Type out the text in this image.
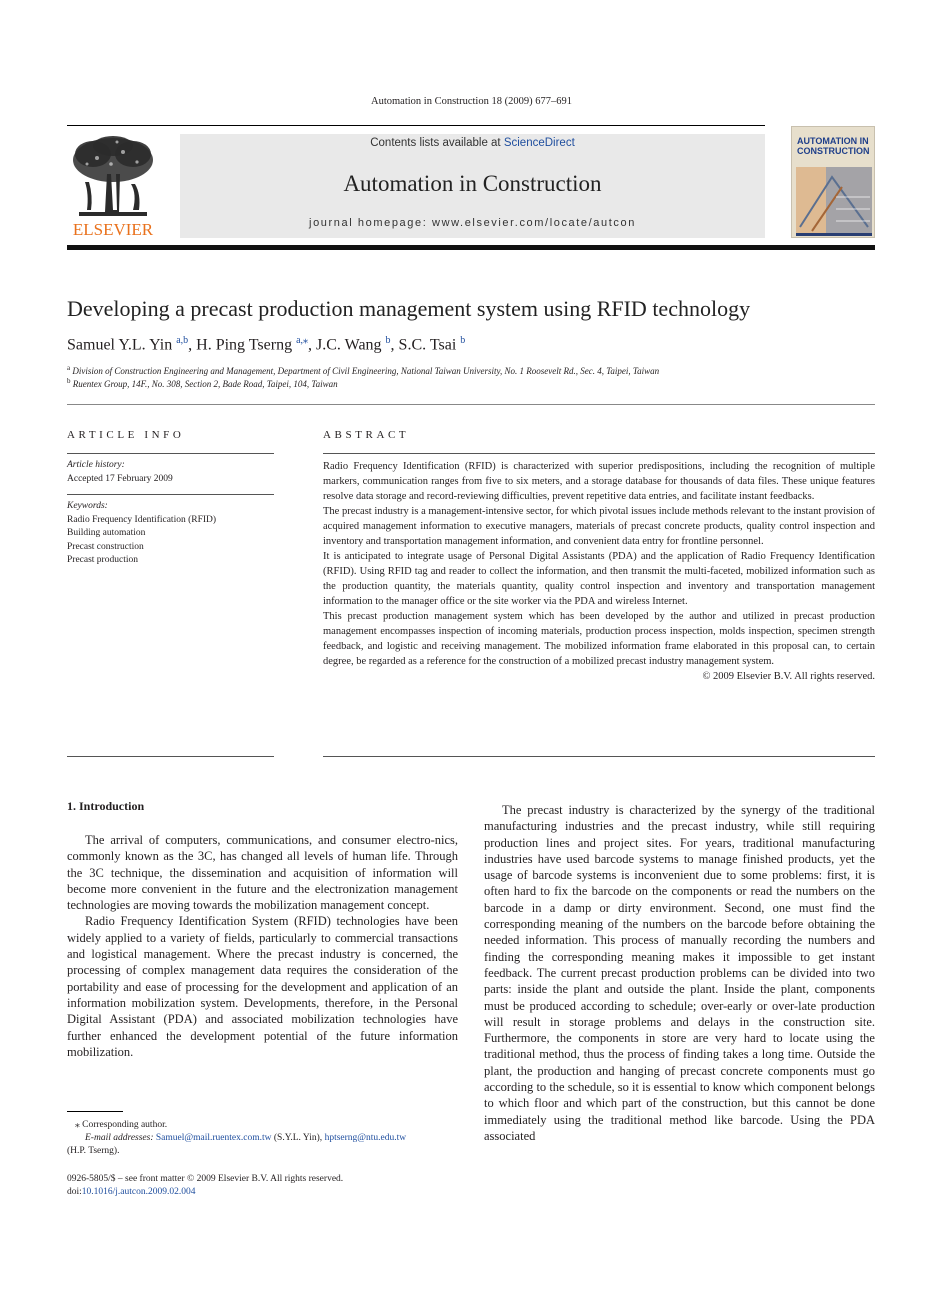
Automation in Construction 18 (2009) 677–691
ELSEVIER
Contents lists available at ScienceDirect
Automation in Construction
journal homepage: www.elsevier.com/locate/autcon
AUTOMATION IN
CONSTRUCTION
Developing a precast production management system using RFID technology
Samuel Y.L. Yin $^{a,b}$, H. Ping Tserng $^{a,⁎}$, J.C. Wang $^b$, S.C. Tsai $^b$
$^a$ Division of Construction Engineering and Management, Department of Civil Engineering, National Taiwan University, No. 1 Roosevelt Rd., Sec. 4, Taipei, Taiwan
$^b$ Ruentex Group, 14F., No. 308, Section 2, Bade Road, Taipei, 104, Taiwan
ARTICLE INFO
Article history:
Accepted 17 February 2009
Keywords:
Radio Frequency Identification (RFID)
Building automation
Precast construction
Precast production
ABSTRACT

Radio Frequency Identification (RFID) is characterized with superior predispositions, including the recognition of multiple markers, communication ranges from five to six meters, and a storage database for thousands of data files. These unique features resolve data storage and record-reviewing difficulties, prevent repetitive data entries, and facilitate instant feedbacks.

The precast industry is a management-intensive sector, for which pivotal issues include methods relevant to the instant provision of acquired management information to executive managers, materials of precast concrete products, quality control inspection and inventory and transportation management information, and convenient data entry for frontline personnel.

It is anticipated to integrate usage of Personal Digital Assistants (PDA) and the application of Radio Frequency Identification (RFID). Using RFID tag and reader to collect the information, and then transmit the multi-faceted, mobilized information such as the production quantity, the materials quantity, quality control inspection and inventory and transportation management information to the manager office or the site worker via the PDA and wireless Internet.

This precast production management system which has been developed by the author and utilized in precast production management encompasses inspection of incoming materials, production process inspection, molds inspection, specimen strength feedback, and logistic and receiving management. The mobilized information frame elaborated in this proposal can, to certain degree, be regarded as a reference for the construction of a mobilized precast industry management system.

© 2009 Elsevier B.V. All rights reserved.

1. Introduction

The arrival of computers, communications, and consumer electro-nics, commonly known as the 3C, has changed all levels of human life. Through the 3C technique, the dissemination and acquisition of information will become more convenient in the future and the electronization management technologies are moving towards the mobilization management concept.

Radio Frequency Identification System (RFID) technologies have been widely applied to a variety of fields, particularly to commercial transactions and logistical management. Where the precast industry is concerned, the processing of complex management data requires the consideration of the portability and ease of processing for the development and application of an information mobilization system. Developments, therefore, in the Personal Digital Assistant (PDA) and associated mobilization technologies have further enhanced the development potential of the future information mobilization.

The precast industry is characterized by the synergy of the traditional manufacturing industries and the precast industry, while still requiring production lines and project sites. For years, traditional manufacturing industries have used barcode systems to manage finished products, yet the usage of barcode systems is inconvenient due to some problems: first, it is often hard to fix the barcode on the components or read the numbers on the barcode in a damp or dirty environment. Second, one must find the corresponding meaning of the numbers on the barcode before obtaining the needed information. This process of manually recording the numbers and finding the corresponding meaning makes it impossible to get instant feedback. The current precast production problems can be divided into two parts: inside the plant and outside the plant. Inside the plant, components must be produced according to schedule; over-early or over-late production will result in storage problems and delays in the construction site. Furthermore, the components in store are very hard to locate using the traditional method, thus the process of finding takes a long time. Outside the plant, the production and hanging of precast concrete components must go according to the schedule, so it is essential to know which component belongs to which floor and which part of the construction, but this cannot be done immediately using the traditional method like barcode. Using the PDA associated

⁎ Corresponding author.
E-mail addresses: Samuel@mail.ruentex.com.tw (S.Y.L. Yin), hptserng@ntu.edu.tw
(H.P. Tserng).
0926-5805/$ – see front matter © 2009 Elsevier B.V. All rights reserved.
doi:10.1016/j.autcon.2009.02.004
